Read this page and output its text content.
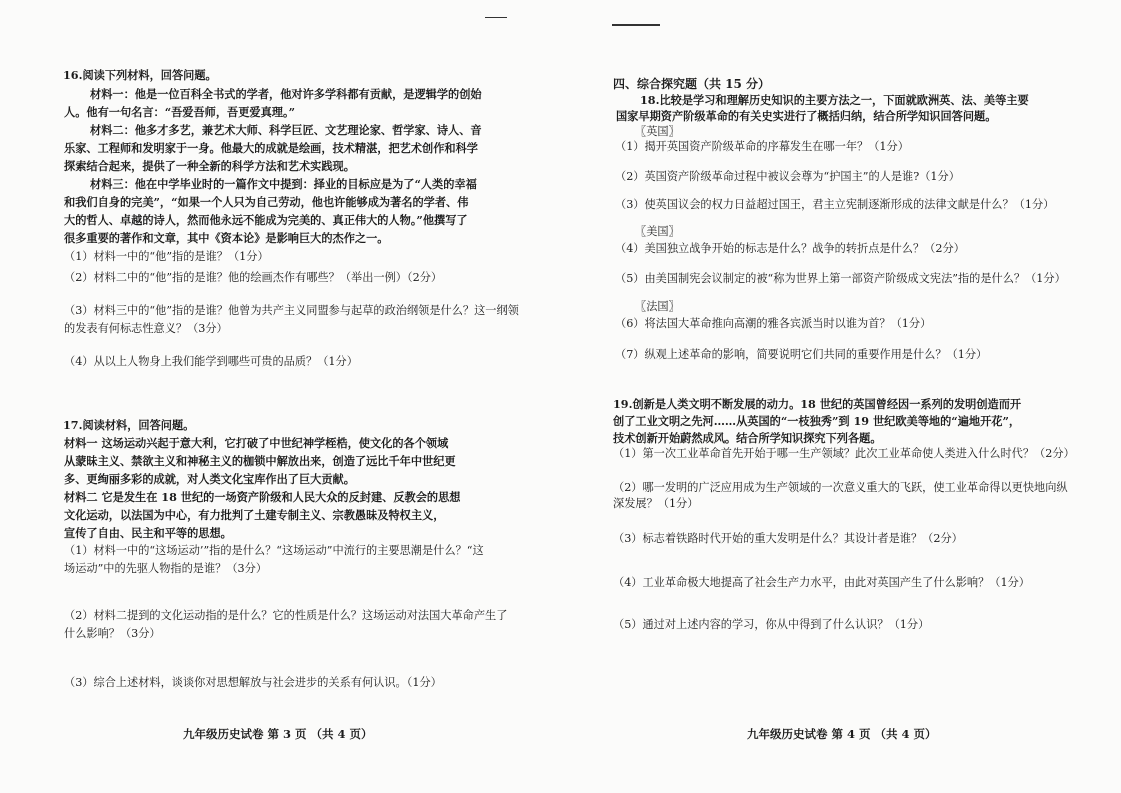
16.阅读下列材料，回答问题。
材料一：他是一位百科全书式的学者，他对许多学科都有贡献，是逻辑学的创始
人。他有一句名言：“吾爱吾师，吾更爱真理。”
材料二：他多才多艺，兼艺术大师、科学巨匠、文艺理论家、哲学家、诗人、音
乐家、工程师和发明家于一身。他最大的成就是绘画，技术精湛，把艺术创作和科学
探索结合起来，提供了一种全新的科学方法和艺术实践现。
材料三：他在中学毕业时的一篇作文中提到：择业的目标应是为了“人类的幸福
和我们自身的完美”，“如果一个人只为自己劳动，他也许能够成为著名的学者、伟
大的哲人、卓越的诗人，然而他永远不能成为完美的、真正伟大的人物。”他撰写了
很多重要的著作和文章，其中《资本论》是影响巨大的杰作之一。
（1）材料一中的“他”指的是谁？（1分）
（2）材料二中的“他”指的是谁？他的绘画杰作有哪些？（举出一例）（2分）
（3）材料三中的“他”指的是谁？他曾为共产主义同盟参与起草的政治纲领是什么？这一纲领
的发表有何标志性意义？（3分）
（4）从以上人物身上我们能学到哪些可贵的品质？（1分）
17.阅读材料，回答问题。
材料一 这场运动兴起于意大利，它打破了中世纪神学桎梏，使文化的各个领域
从蒙昧主义、禁欲主义和神秘主义的枷锁中解放出来，创造了远比千年中世纪更
多、更绚丽多彩的成就，对人类文化宝库作出了巨大贡献。
材料二 它是发生在 18 世纪的一场资产阶级和人民大众的反封建、反教会的思想
文化运动，以法国为中心，有力批判了土建专制主义、宗教愚昧及特权主义，
宣传了自由、民主和平等的思想。
（1）材料一中的“这场运动’”指的是什么？“这场运动”中流行的主要思潮是什么？“这
场运动”中的先驱人物指的是谁？（3分）
（2）材料二提到的文化运动指的是什么？它的性质是什么？这场运动对法国大革命产生了
什么影响？（3分）
（3）综合上述材料，谈谈你对思想解放与社会进步的关系有何认识。（1分）
九年级历史试卷 第 3 页 （共 4 页）
四、综合探究题（共 15 分）
18.比较是学习和理解历史知识的主要方法之一，下面就欧洲英、法、美等主要
国家早期资产阶级革命的有关史实进行了概括归纳，结合所学知识回答问题。
〖英国〗
（1）揭开英国资产阶级革命的序幕发生在哪一年？（1分）
（2）英国资产阶级革命过程中被议会尊为“护国主”的人是谁?（1分）
（3）使英国议会的权力日益超过国王，君主立宪制逐渐形成的法律文献是什么？（1分）
〖美国〗
（4）美国独立战争开始的标志是什么？战争的转折点是什么？（2分）
（5）由美国制宪会议制定的被“称为世界上第一部资产阶级成文宪法”指的是什么？（1分）
〖法国〗
（6）将法国大革命推向高潮的雅各宾派当时以谁为首？（1分）
（7）纵观上述革命的影响，简要说明它们共同的重要作用是什么？（1分）
19.创新是人类文明不断发展的动力。18 世纪的英国曾经因一系列的发明创造而开
创了工业文明之先河……从英国的“一枝独秀”到 19 世纪欧美等地的“遍地开花”，
技术创新开始蔚然成风。结合所学知识探究下列各题。
（1）第一次工业革命首先开始于哪一生产领域？此次工业革命使人类进入什么时代？（2分）
（2）哪一发明的广泛应用成为生产领域的一次意义重大的飞跃，使工业革命得以更快地向纵
深发展？（1分）
（3）标志着铁路时代开始的重大发明是什么？其设计者是谁？（2分）
（4）工业革命极大地提高了社会生产力水平，由此对英国产生了什么影响？（1分）
（5）通过对上述内容的学习，你从中得到了什么认识？（1分）
九年级历史试卷 第 4 页 （共 4 页）
